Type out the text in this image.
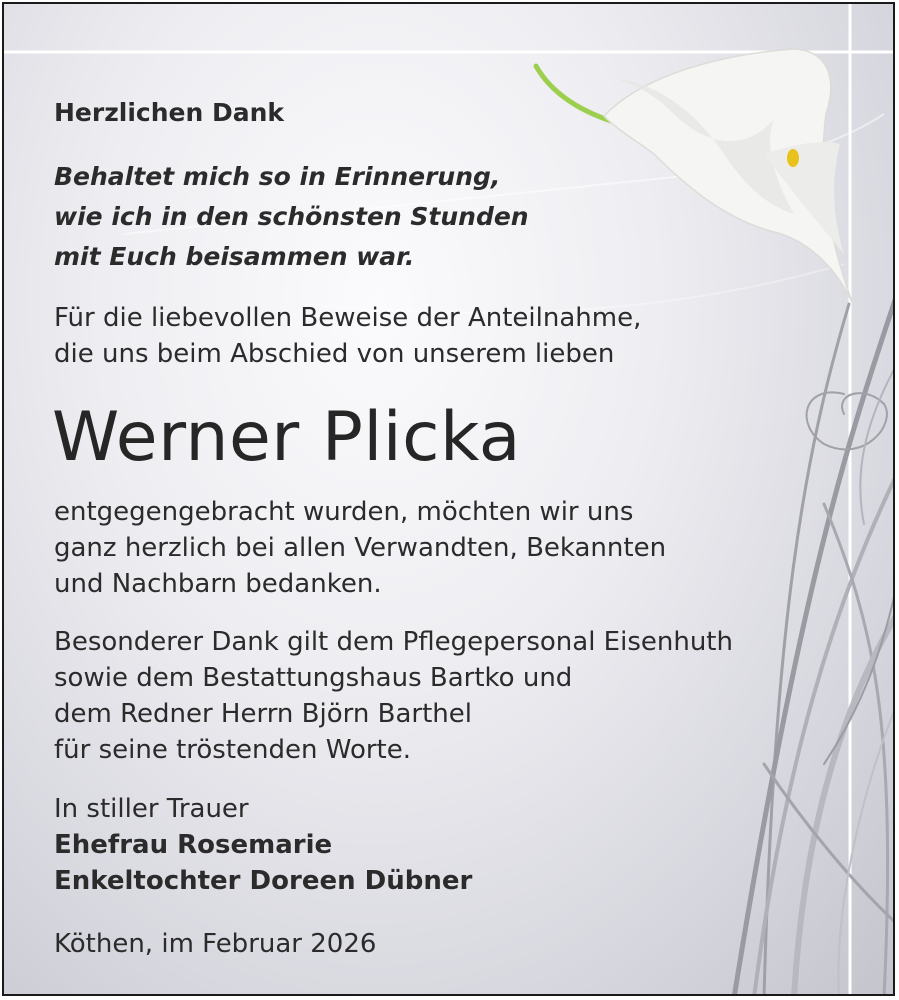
Herzlichen Dank
Behaltet mich so in Erinnerung,
wie ich in den schönsten Stunden
mit Euch beisammen war.
Für die liebevollen Beweise der Anteilnahme,
die uns beim Abschied von unserem lieben
Werner Plicka
entgegengebracht wurden, möchten wir uns
ganz herzlich bei allen Verwandten, Bekannten
und Nachbarn bedanken.
Besonderer Dank gilt dem Pflegepersonal Eisenhuth
sowie dem Bestattungshaus Bartko und
dem Redner Herrn Björn Barthel
für seine tröstenden Worte.
In stiller Trauer
Ehefrau Rosemarie
Enkeltochter Doreen Dübner
Köthen, im Februar 2026
